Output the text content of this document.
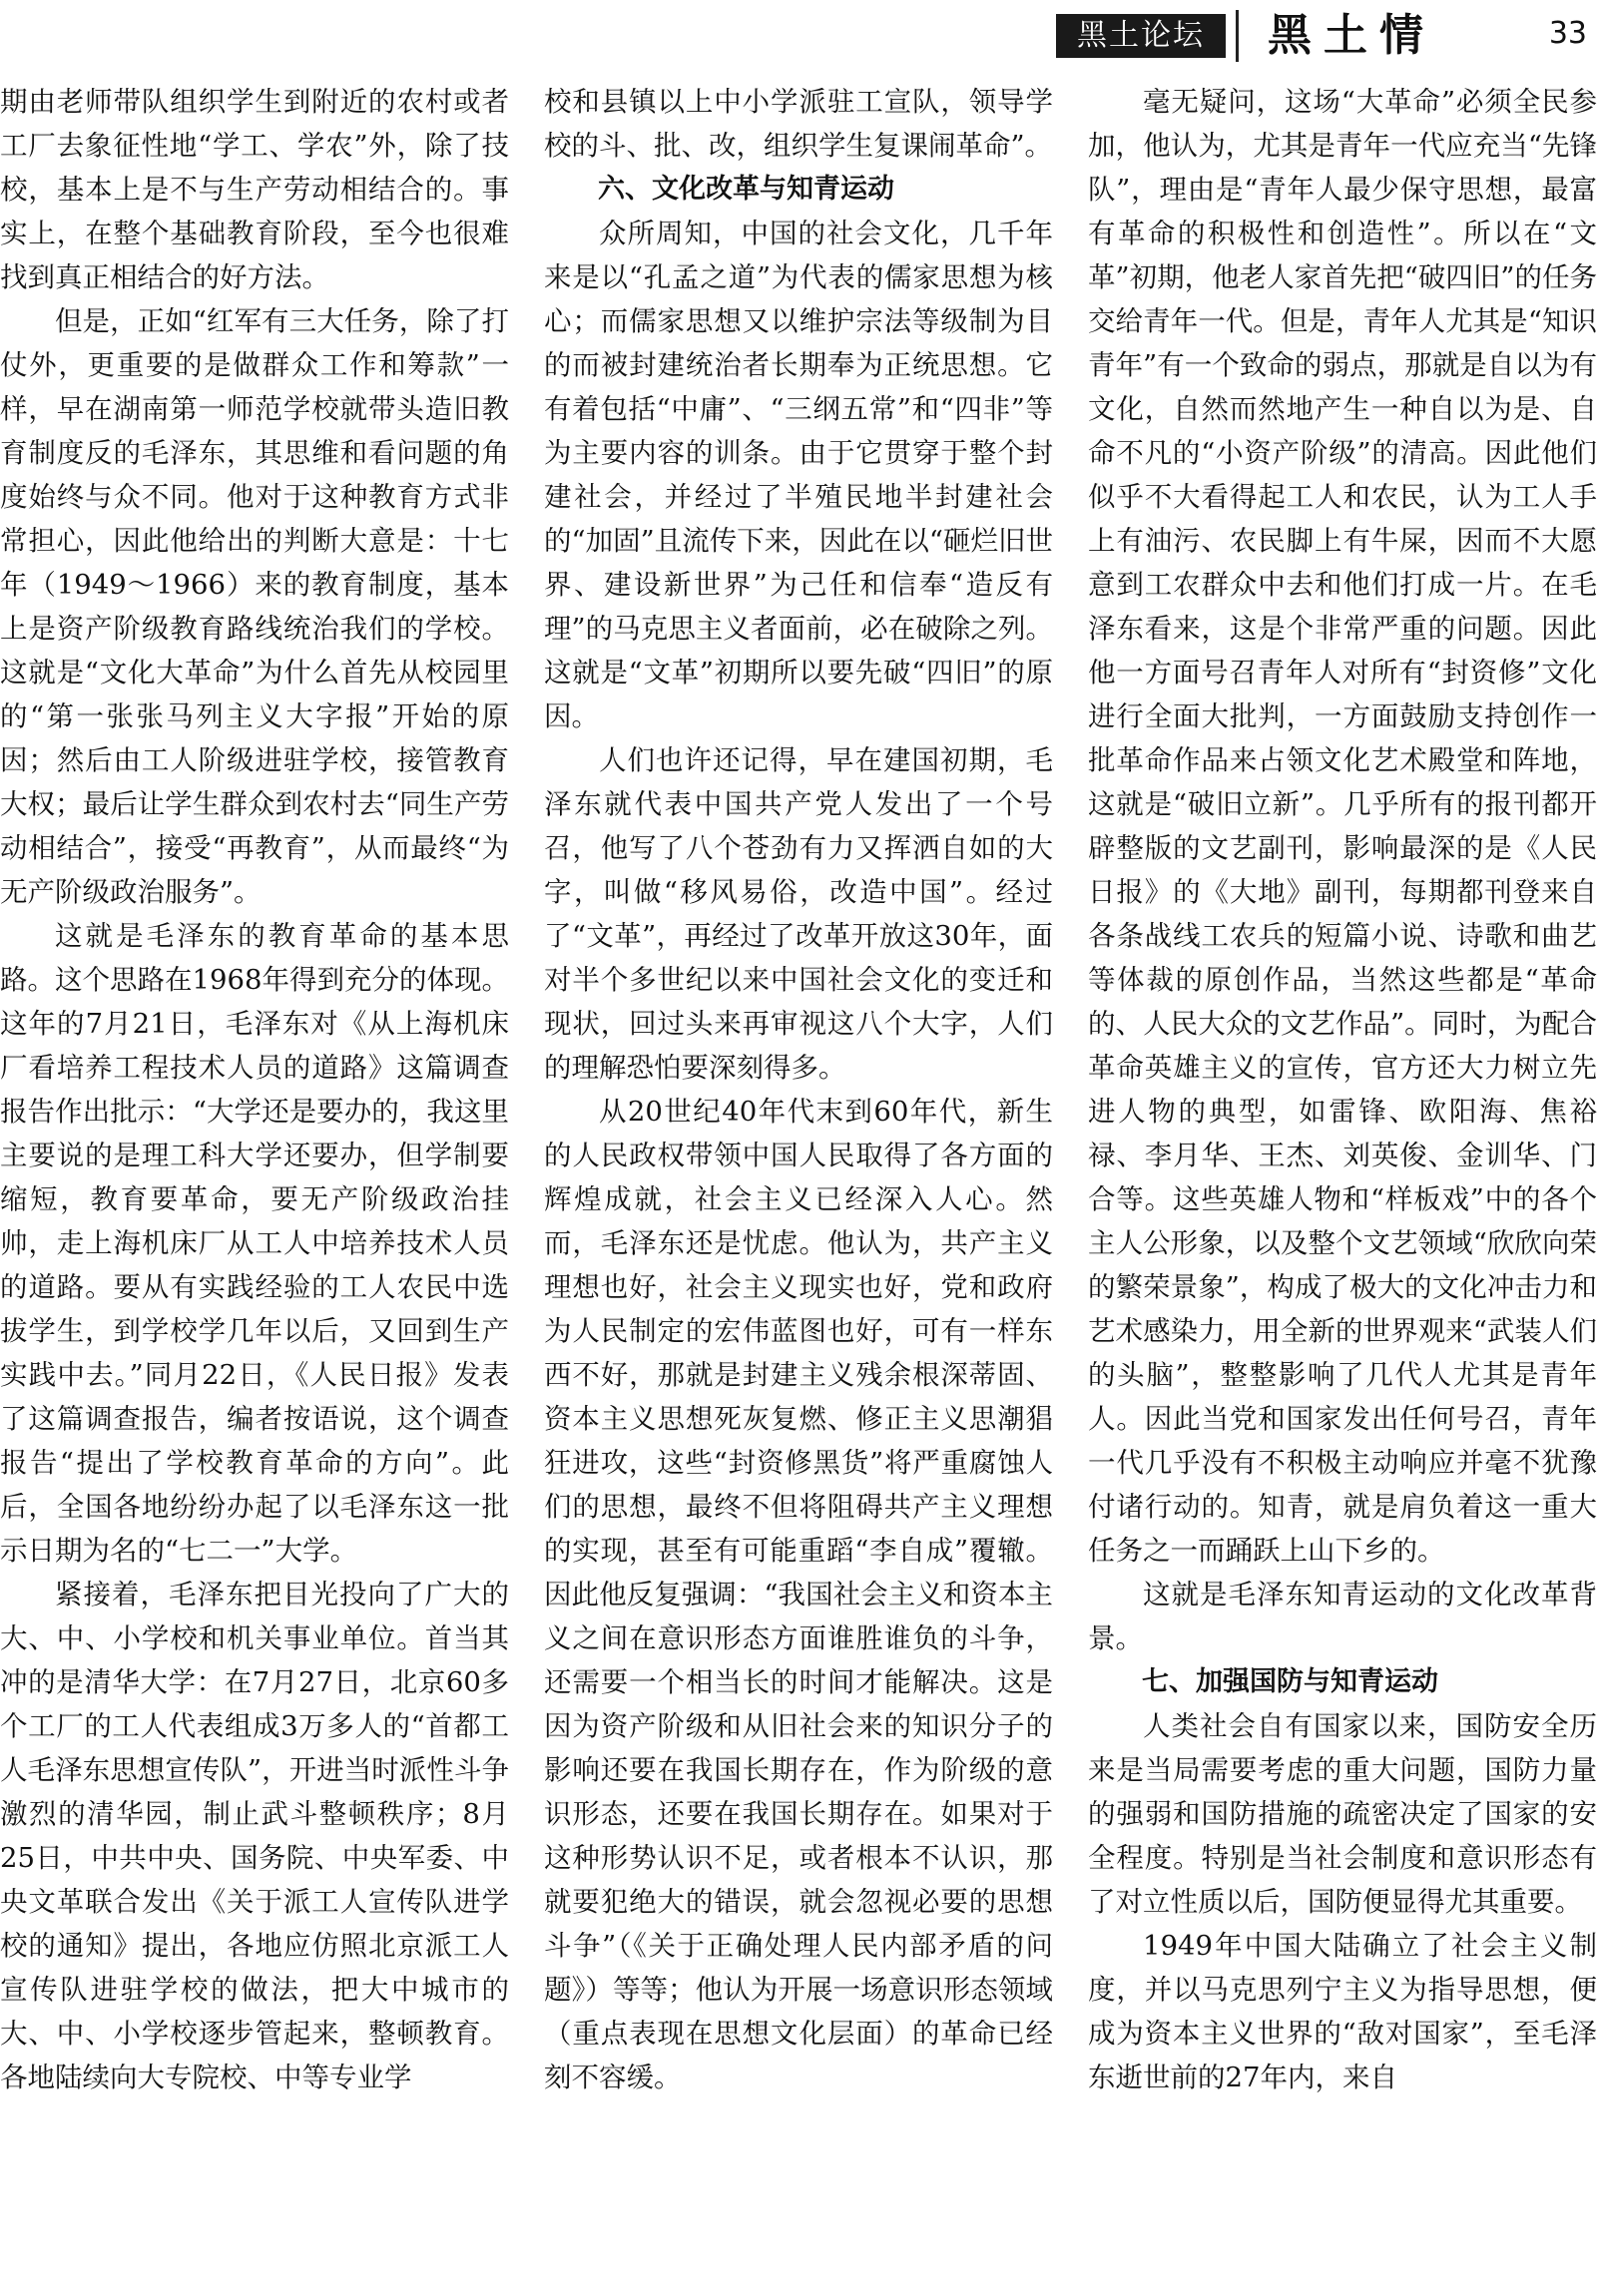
黑土论坛	黑土情	33

期由老师带队组织学生到附近的农村或者工厂去象征性地“学工、学农”外，除了技校，基本上是不与生产劳动相结合的。事实上，在整个基础教育阶段，至今也很难找到真正相结合的好方法。

但是，正如“红军有三大任务，除了打仗外，更重要的是做群众工作和筹款”一样，早在湖南第一师范学校就带头造旧教育制度反的毛泽东，其思维和看问题的角度始终与众不同。他对于这种教育方式非常担心，因此他给出的判断大意是：十七年（1949～1966）来的教育制度，基本上是资产阶级教育路线统治我们的学校。这就是“文化大革命”为什么首先从校园里的“第一张张马列主义大字报”开始的原因；然后由工人阶级进驻学校，接管教育大权；最后让学生群众到农村去“同生产劳动相结合”，接受“再教育”，从而最终“为无产阶级政治服务”。

这就是毛泽东的教育革命的基本思路。这个思路在1968年得到充分的体现。这年的7月21日，毛泽东对《从上海机床厂看培养工程技术人员的道路》这篇调查报告作出批示：“大学还是要办的，我这里主要说的是理工科大学还要办，但学制要缩短，教育要革命，要无产阶级政治挂帅，走上海机床厂从工人中培养技术人员的道路。要从有实践经验的工人农民中选拔学生，到学校学几年以后，又回到生产实践中去。”同月22日，《人民日报》发表了这篇调查报告，编者按语说，这个调查报告“提出了学校教育革命的方向”。此后，全国各地纷纷办起了以毛泽东这一批示日期为名的“七二一”大学。

紧接着，毛泽东把目光投向了广大的大、中、小学校和机关事业单位。首当其冲的是清华大学：在7月27日，北京60多个工厂的工人代表组成3万多人的“首都工人毛泽东思想宣传队”，开进当时派性斗争激烈的清华园，制止武斗整顿秩序；8月25日，中共中央、国务院、中央军委、中央文革联合发出《关于派工人宣传队进学校的通知》提出，各地应仿照北京派工人宣传队进驻学校的做法，把大中城市的大、中、小学校逐步管起来，整顿教育。各地陆续向大专院校、中等专业学

校和县镇以上中小学派驻工宣队，领导学校的斗、批、改，组织学生复课闹革命”。

六、文化改革与知青运动

众所周知，中国的社会文化，几千年来是以“孔孟之道”为代表的儒家思想为核心；而儒家思想又以维护宗法等级制为目的而被封建统治者长期奉为正统思想。它有着包括“中庸”、“三纲五常”和“四非”等为主要内容的训条。由于它贯穿于整个封建社会，并经过了半殖民地半封建社会的“加固”且流传下来，因此在以“砸烂旧世界、建设新世界”为己任和信奉“造反有理”的马克思主义者面前，必在破除之列。这就是“文革”初期所以要先破“四旧”的原因。

人们也许还记得，早在建国初期，毛泽东就代表中国共产党人发出了一个号召，他写了八个苍劲有力又挥洒自如的大字，叫做“移风易俗，改造中国”。经过了“文革”，再经过了改革开放这30年，面对半个多世纪以来中国社会文化的变迁和现状，回过头来再审视这八个大字，人们的理解恐怕要深刻得多。

从20世纪40年代末到60年代，新生的人民政权带领中国人民取得了各方面的辉煌成就，社会主义已经深入人心。然而，毛泽东还是忧虑。他认为，共产主义理想也好，社会主义现实也好，党和政府为人民制定的宏伟蓝图也好，可有一样东西不好，那就是封建主义残余根深蒂固、资本主义思想死灰复燃、修正主义思潮猖狂进攻，这些“封资修黑货”将严重腐蚀人们的思想，最终不但将阻碍共产主义理想的实现，甚至有可能重蹈“李自成”覆辙。因此他反复强调：“我国社会主义和资本主义之间在意识形态方面谁胜谁负的斗争，还需要一个相当长的时间才能解决。这是因为资产阶级和从旧社会来的知识分子的影响还要在我国长期存在，作为阶级的意识形态，还要在我国长期存在。如果对于这种形势认识不足，或者根本不认识，那就要犯绝大的错误，就会忽视必要的思想斗争”（《关于正确处理人民内部矛盾的问题》）等等；他认为开展一场意识形态领域（重点表现在思想文化层面）的革命已经刻不容缓。

毫无疑问，这场“大革命”必须全民参加，他认为，尤其是青年一代应充当“先锋队”，理由是“青年人最少保守思想，最富有革命的积极性和创造性”。所以在“文革”初期，他老人家首先把“破四旧”的任务交给青年一代。但是，青年人尤其是“知识青年”有一个致命的弱点，那就是自以为有文化，自然而然地产生一种自以为是、自命不凡的“小资产阶级”的清高。因此他们似乎不大看得起工人和农民，认为工人手上有油污、农民脚上有牛屎，因而不大愿意到工农群众中去和他们打成一片。在毛泽东看来，这是个非常严重的问题。因此他一方面号召青年人对所有“封资修”文化进行全面大批判，一方面鼓励支持创作一批革命作品来占领文化艺术殿堂和阵地，这就是“破旧立新”。几乎所有的报刊都开辟整版的文艺副刊，影响最深的是《人民日报》的《大地》副刊，每期都刊登来自各条战线工农兵的短篇小说、诗歌和曲艺等体裁的原创作品，当然这些都是“革命的、人民大众的文艺作品”。同时，为配合革命英雄主义的宣传，官方还大力树立先进人物的典型，如雷锋、欧阳海、焦裕禄、李月华、王杰、刘英俊、金训华、门合等。这些英雄人物和“样板戏”中的各个主人公形象，以及整个文艺领域“欣欣向荣的繁荣景象”，构成了极大的文化冲击力和艺术感染力，用全新的世界观来“武装人们的头脑”，整整影响了几代人尤其是青年人。因此当党和国家发出任何号召，青年一代几乎没有不积极主动响应并毫不犹豫付诸行动的。知青，就是肩负着这一重大任务之一而踊跃上山下乡的。

这就是毛泽东知青运动的文化改革背景。

七、加强国防与知青运动

人类社会自有国家以来，国防安全历来是当局需要考虑的重大问题，国防力量的强弱和国防措施的疏密决定了国家的安全程度。特别是当社会制度和意识形态有了对立性质以后，国防便显得尤其重要。

1949年中国大陆确立了社会主义制度，并以马克思列宁主义为指导思想，便成为资本主义世界的“敌对国家”，至毛泽东逝世前的27年内，来自
